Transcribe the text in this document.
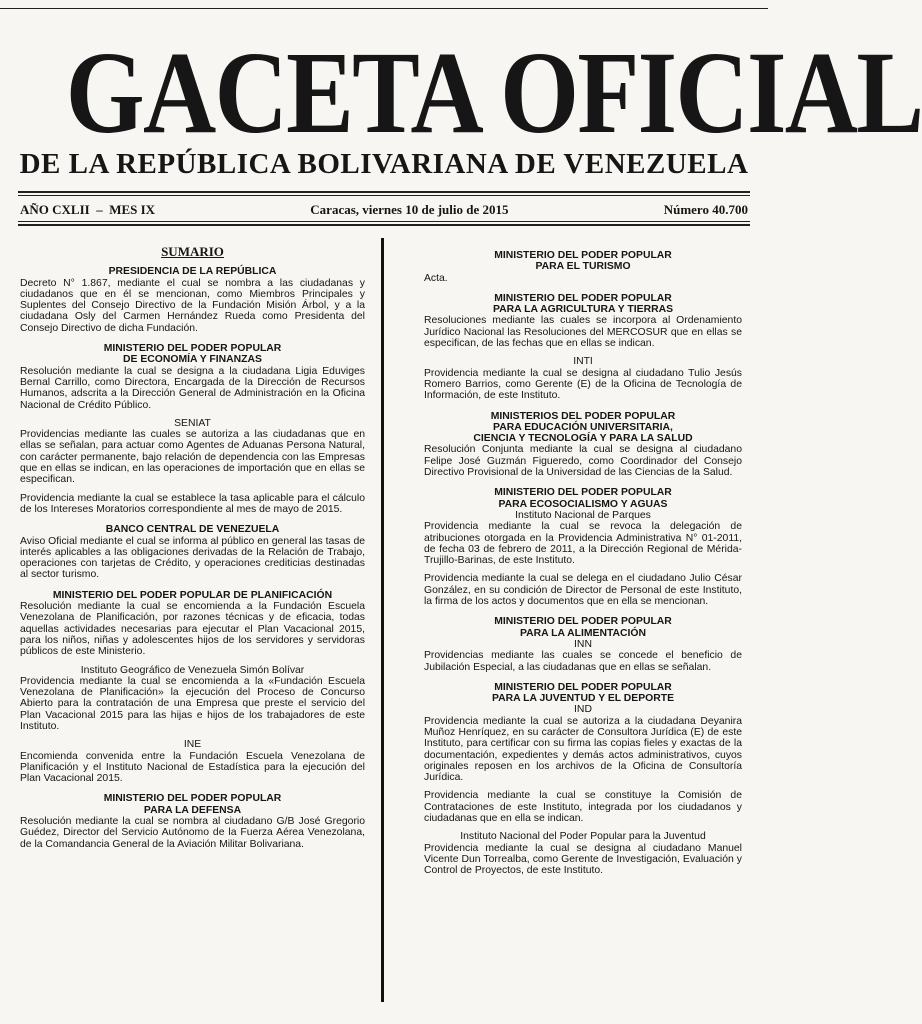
GACETA OFICIAL
DE LA REPÚBLICA BOLIVARIANA DE VENEZUELA
AÑO CXLII  –  MES IX	Caracas, viernes 10 de julio de 2015	Número 40.700
SUMARIO
PRESIDENCIA DE LA REPÚBLICA

Decreto N° 1.867, mediante el cual se nombra a las ciudadanas y ciudadanos que en él se mencionan, como Miembros Principales y Suplentes del Consejo Directivo de la Fundación Misión Árbol, y a la ciudadana Osly del Carmen Hernández Rueda como Presidenta del Consejo Directivo de dicha Fundación.

MINISTERIO DEL PODER POPULAR
DE ECONOMÍA Y FINANZAS

Resolución mediante la cual se designa a la ciudadana Ligia Eduviges Bernal Carrillo, como Directora, Encargada de la Dirección de Recursos Humanos, adscrita a la Dirección General de Administración en la Oficina Nacional de Crédito Público.

SENIAT

Providencias mediante las cuales se autoriza a las ciudadanas que en ellas se señalan, para actuar como Agentes de Aduanas Persona Natural, con carácter permanente, bajo relación de dependencia con las Empresas que en ellas se indican, en las operaciones de importación que en ellas se especifican.

Providencia mediante la cual se establece la tasa aplicable para el cálculo de los Intereses Moratorios correspondiente al mes de mayo de 2015.

BANCO CENTRAL DE VENEZUELA

Aviso Oficial mediante el cual se informa al público en general las tasas de interés aplicables a las obligaciones derivadas de la Relación de Trabajo, operaciones con tarjetas de Crédito, y operaciones crediticias destinadas al sector turismo.

MINISTERIO DEL PODER POPULAR DE PLANIFICACIÓN

Resolución mediante la cual se encomienda a la Fundación Escuela Venezolana de Planificación, por razones técnicas y de eficacia, todas aquellas actividades necesarias para ejecutar el Plan Vacacional 2015, para los niños, niñas y adolescentes hijos de los servidores y servidoras públicos de este Ministerio.

Instituto Geográfico de Venezuela Simón Bolívar

Providencia mediante la cual se encomienda a la «Fundación Escuela Venezolana de Planificación» la ejecución del Proceso de Concurso Abierto para la contratación de una Empresa que preste el servicio del Plan Vacacional 2015 para las hijas e hijos de los trabajadores de este Instituto.

INE

Encomienda convenida entre la Fundación Escuela Venezolana de Planificación y el Instituto Nacional de Estadística para la ejecución del Plan Vacacional 2015.

MINISTERIO DEL PODER POPULAR
PARA LA DEFENSA

Resolución mediante la cual se nombra al ciudadano G/B José Gregorio Guédez, Director del Servicio Autónomo de la Fuerza Aérea Venezolana, de la Comandancia General de la Aviación Militar Bolivariana.

MINISTERIO DEL PODER POPULAR
PARA EL TURISMO

Acta.

MINISTERIO DEL PODER POPULAR
PARA LA AGRICULTURA Y TIERRAS

Resoluciones mediante las cuales se incorpora al Ordenamiento Jurídico Nacional las Resoluciones del MERCOSUR que en ellas se especifican, de las fechas que en ellas se indican.

INTI

Providencia mediante la cual se designa al ciudadano Tulio Jesús Romero Barrios, como Gerente (E) de la Oficina de Tecnología de Información, de este Instituto.

MINISTERIOS DEL PODER POPULAR
PARA EDUCACIÓN UNIVERSITARIA,
CIENCIA Y TECNOLOGÍA Y PARA LA SALUD

Resolución Conjunta mediante la cual se designa al ciudadano Felipe José Guzmán Figueredo, como Coordinador del Consejo Directivo Provisional de la Universidad de las Ciencias de la Salud.

MINISTERIO DEL PODER POPULAR
PARA ECOSOCIALISMO Y AGUAS
Instituto Nacional de Parques

Providencia mediante la cual se revoca la delegación de atribuciones otorgada en la Providencia Administrativa N° 01-2011, de fecha 03 de febrero de 2011, a la Dirección Regional de Mérida-Trujillo-Barinas, de este Instituto.

Providencia mediante la cual se delega en el ciudadano Julio César González, en su condición de Director de Personal de este Instituto, la firma de los actos y documentos que en ella se mencionan.

MINISTERIO DEL PODER POPULAR
PARA LA ALIMENTACIÓN
INN

Providencias mediante las cuales se concede el beneficio de Jubilación Especial, a las ciudadanas que en ellas se señalan.

MINISTERIO DEL PODER POPULAR
PARA LA JUVENTUD Y EL DEPORTE
IND

Providencia mediante la cual se autoriza a la ciudadana Deyanira Muñoz Henríquez, en su carácter de Consultora Jurídica (E) de este Instituto, para certificar con su firma las copias fieles y exactas de la documentación, expedientes y demás actos administrativos, cuyos originales reposen en los archivos de la Oficina de Consultoría Jurídica.

Providencia mediante la cual se constituye la Comisión de Contrataciones de este Instituto, integrada por los ciudadanos y ciudadanas que en ella se indican.

Instituto Nacional del Poder Popular para la Juventud

Providencia mediante la cual se designa al ciudadano Manuel Vicente Dun Torrealba, como Gerente de Investigación, Evaluación y Control de Proyectos, de este Instituto.
